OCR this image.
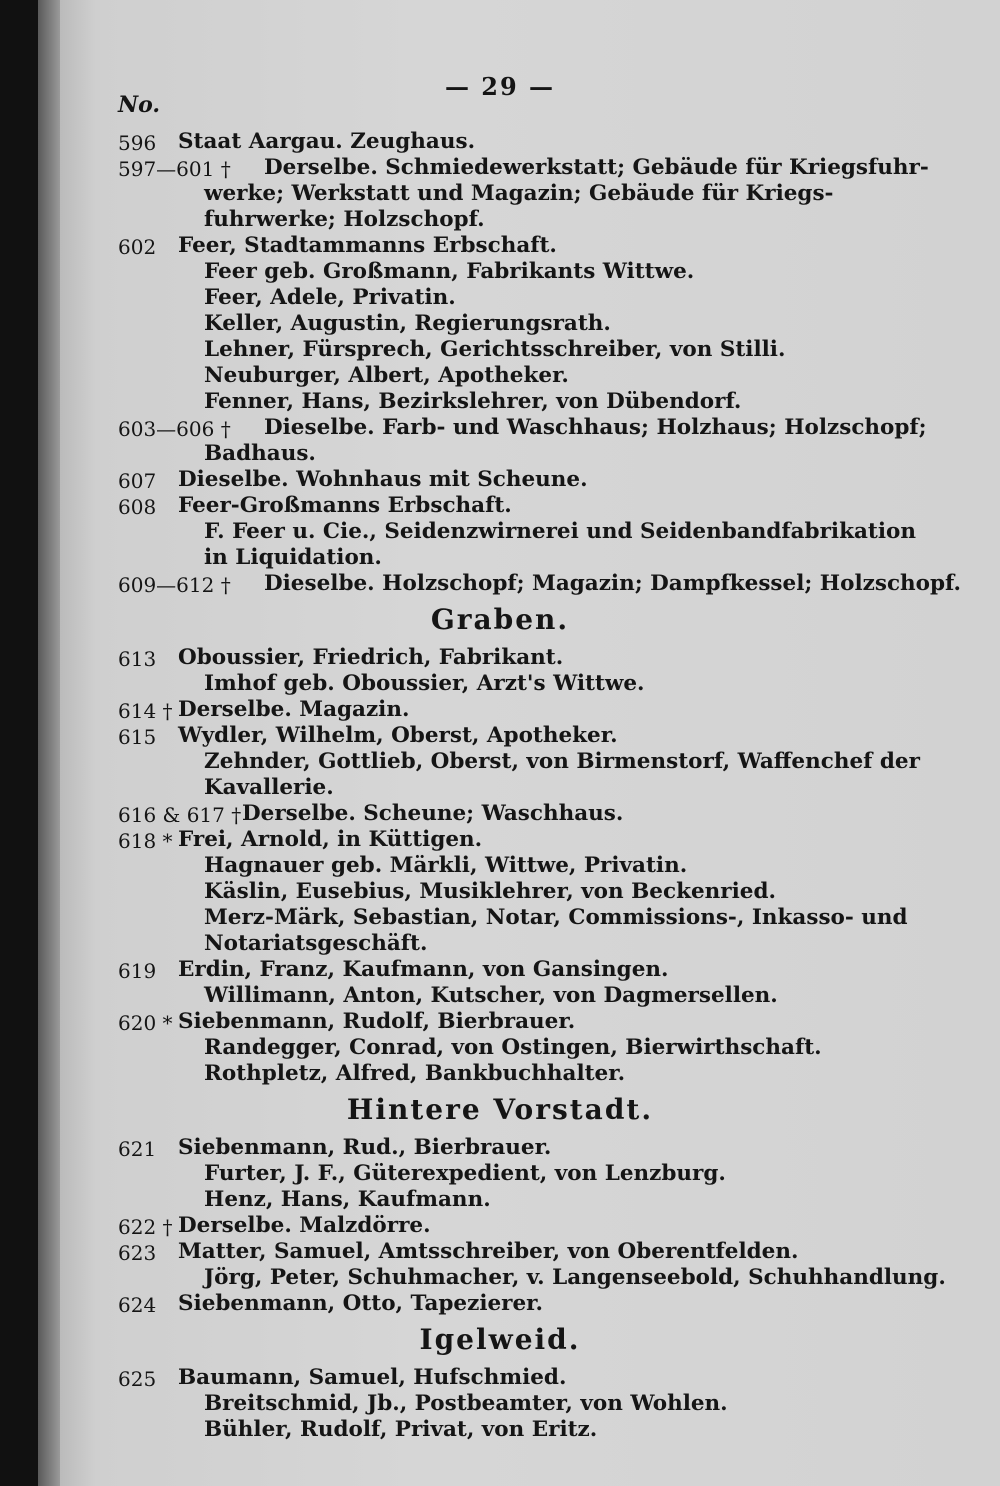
— 29 —
No.
596 Staat Aargau. Zeughaus.
597—601 † Derselbe. Schmiedewerkstatt; Gebäude für Kriegsfuhr-
werke; Werkstatt und Magazin; Gebäude für Kriegs-
fuhrwerke; Holzschopf.
602 Feer, Stadtammanns Erbschaft.
Feer geb. Großmann, Fabrikants Wittwe.
Feer, Adele, Privatin.
Keller, Augustin, Regierungsrath.
Lehner, Fürsprech, Gerichtsschreiber, von Stilli.
Neuburger, Albert, Apotheker.
Fenner, Hans, Bezirkslehrer, von Dübendorf.
603—606 † Dieselbe. Farb- und Waschhaus; Holzhaus; Holzschopf;
Badhaus.
607 Dieselbe. Wohnhaus mit Scheune.
608 Feer-Großmanns Erbschaft.
F. Feer u. Cie., Seidenzwirnerei und Seidenbandfabrikation
in Liquidation.
609—612 † Dieselbe. Holzschopf; Magazin; Dampfkessel; Holzschopf.
613 Oboussier, Friedrich, Fabrikant.
Imhof geb. Oboussier, Arzt's Wittwe.
614 † Derselbe. Magazin.
615 Wydler, Wilhelm, Oberst, Apotheker.
Zehnder, Gottlieb, Oberst, von Birmenstorf, Waffenchef der
Kavallerie.
616 & 617 † Derselbe. Scheune; Waschhaus.
618 * Frei, Arnold, in Küttigen.
Hagnauer geb. Märkli, Wittwe, Privatin.
Käslin, Eusebius, Musiklehrer, von Beckenried.
Merz-Märk, Sebastian, Notar, Commissions-, Inkasso- und
Notariatsgeschäft.
619 Erdin, Franz, Kaufmann, von Gansingen.
Willimann, Anton, Kutscher, von Dagmersellen.
620 * Siebenmann, Rudolf, Bierbrauer.
Randegger, Conrad, von Ostingen, Bierwirthschaft.
Rothpletz, Alfred, Bankbuchhalter.
621 Siebenmann, Rud., Bierbrauer.
Furter, J. F., Güterexpedient, von Lenzburg.
Henz, Hans, Kaufmann.
622 † Derselbe. Malzdörre.
623 Matter, Samuel, Amtsschreiber, von Oberentfelden.
Jörg, Peter, Schuhmacher, v. Langenseebold, Schuhhandlung.
624 Siebenmann, Otto, Tapezierer.
625 Baumann, Samuel, Hufschmied.
Breitschmid, Jb., Postbeamter, von Wohlen.
Bühler, Rudolf, Privat, von Eritz.
Graben.
Hintere Vorstadt.
Igelweid.
